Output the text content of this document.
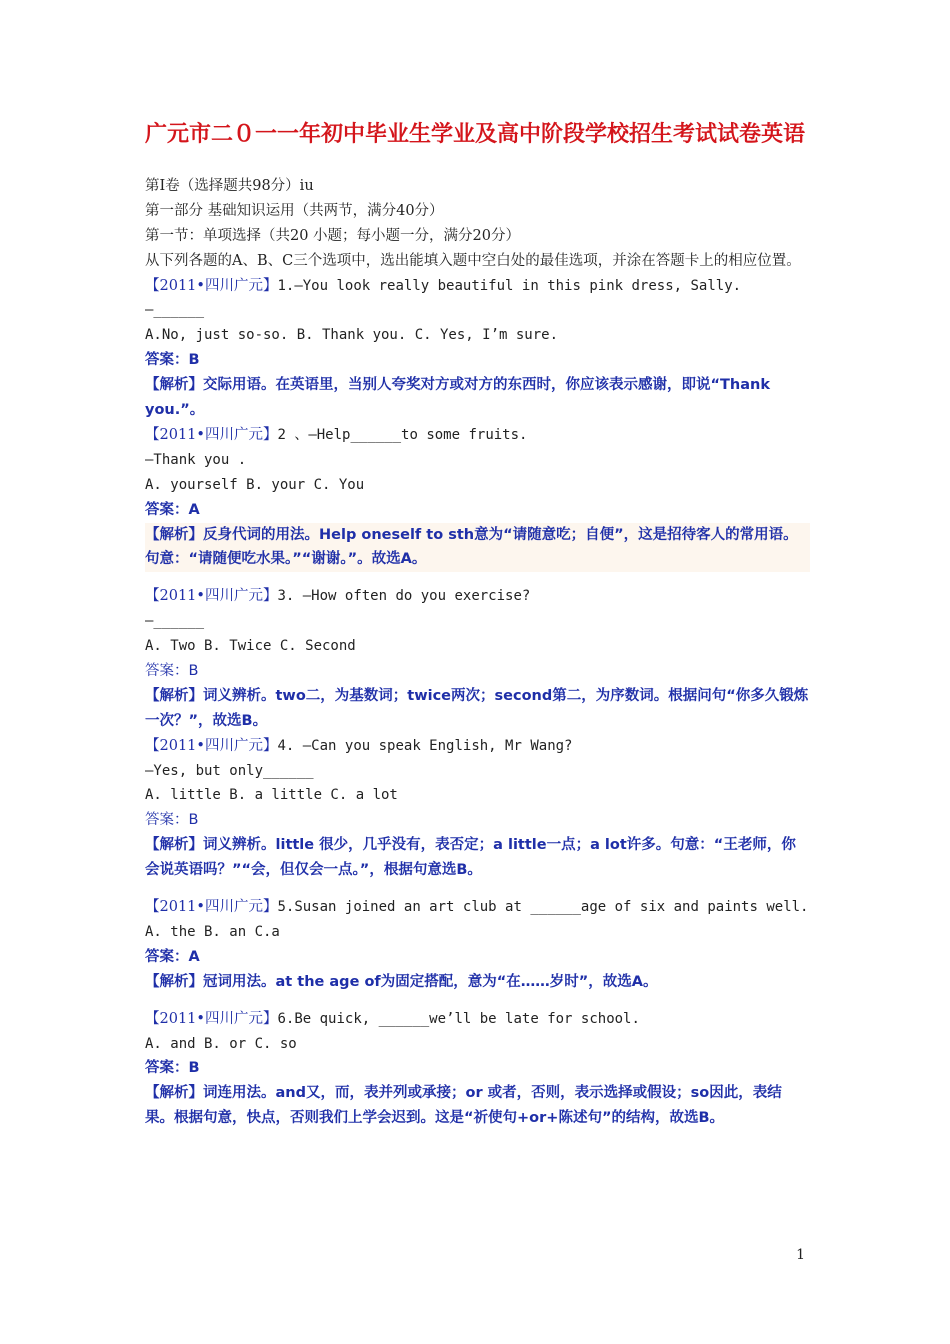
广元市二０一一年初中毕业生学业及高中阶段学校招生考试试卷英语
第Ⅰ卷（选择题共98分）iu
第一部分 基础知识运用（共两节，满分40分）
第一节：单项选择（共20 小题；每小题一分，满分20分）
从下列各题的A、B、C三个选项中，选出能填入题中空白处的最佳选项，并涂在答题卡上的相应位置。
【2011•四川广元】1.—You look really beautiful in this pink dress, Sally.
—______
A.No, just so-so. B. Thank you. C. Yes, I’m sure.
答案：B
【解析】交际用语。在英语里，当别人夸奖对方或对方的东西时，你应该表示感谢，即说“Thank you.”。
【2011•四川广元】2 、—Help______to some fruits.
—Thank you .
A. yourself B. your C. You
答案：A
【解析】反身代词的用法。Help oneself to sth意为“请随意吃；自便”，这是招待客人的常用语。句意：“请随便吃水果。”“谢谢。”。故选A。
【2011•四川广元】3. —How often do you exercise?
—______
A. Two B. Twice C. Second
答案：B
【解析】词义辨析。two二，为基数词；twice两次；second第二，为序数词。根据问句“你多久锻炼一次？”，故选B。
【2011•四川广元】4. —Can you speak English, Mr Wang?
—Yes, but only______
A. little B. a little C. a lot
答案：B
【解析】词义辨析。little 很少，几乎没有，表否定；a little一点；a lot许多。句意：“王老师，你会说英语吗？”“会，但仅会一点。”，根据句意选B。
【2011•四川广元】5.Susan joined an art club at ______age of six and paints well.
A. the B. an C.a
答案：A
【解析】冠词用法。at the age of为固定搭配，意为“在……岁时”，故选A。
【2011•四川广元】6.Be quick, ______we’ll be late for school.
A. and B. or C. so
答案：B
【解析】词连用法。and又，而，表并列或承接；or 或者，否则，表示选择或假设；so因此，表结果。根据句意，快点，否则我们上学会迟到。这是“祈使句+or+陈述句”的结构，故选B。
1
